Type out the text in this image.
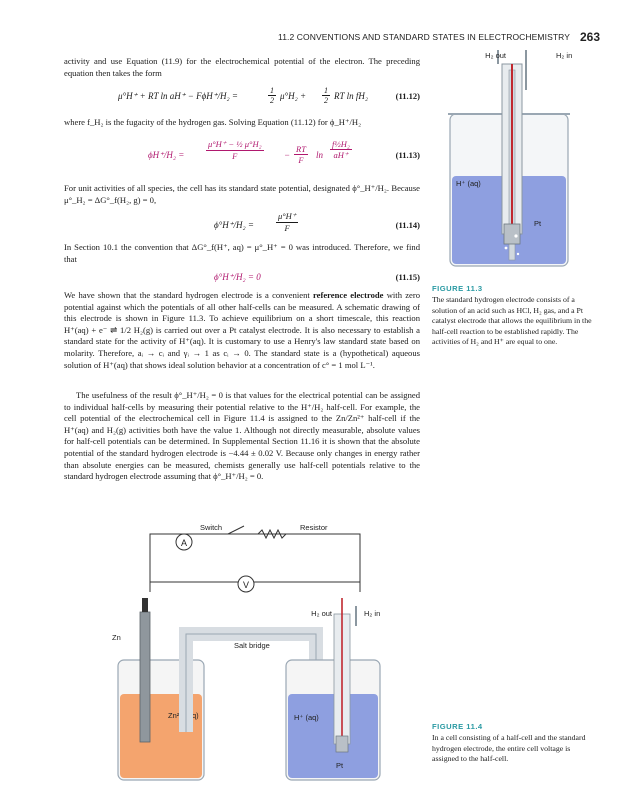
11.2 CONVENTIONS AND STANDARD STATES IN ELECTROCHEMISTRY 263
activity and use Equation (11.9) for the electrochemical potential of the electron. The preceding equation then takes the form
μ°H⁺ + RT ln aH⁺ − FϕH⁺/H₂ =	$\frac{1}{2} \mu^\circ H_2 + \frac{1}{2}$ RT ln fH₂	(11.12)
where f_H₂ is the fugacity of the hydrogen gas. Solving Equation (11.12) for ϕ_H⁺/H₂
ϕH⁺/H₂ =	$\frac{\text{μ°H⁺ − ½ μ°H₂}}{F} - \frac{RT}{F}$ $\ln \frac{\text{f½H₂}}{aH^+}$	(11.13)
For unit activities of all species, the cell has its standard state potential, designated ϕ°_H⁺/H₂. Because μ°_H₂ = ΔG°_f(H₂, g) = 0,
ϕ°H⁺/H₂ =	$\frac{\mu^\circ H^+}{F}$	(11.14)
In Section 10.1 the convention that ΔG°_f(H⁺, aq) = μ°_H⁺ = 0 was introduced. Therefore, we find that
ϕ°H⁺/H₂ = 0	(11.15)
We have shown that the standard hydrogen electrode is a convenient reference electrode with zero potential against which the potentials of all other half-cells can be measured. A schematic drawing of this electrode is shown in Figure 11.3. To achieve equilibrium on a short timescale, this reaction H⁺(aq) + e⁻ ⇌ 1/2 H₂(g) is carried out over a Pt catalyst electrode. It is also necessary to establish a standard state for the activity of H⁺(aq). It is customary to use a Henry's law standard state based on molarity. Therefore, aᵢ → cᵢ and γᵢ → 1 as cᵢ → 0. The standard state is a (hypothetical) aqueous solution of H⁺(aq) that shows ideal solution behavior at a concentration of c° = 1 mol L⁻¹.
The usefulness of the result ϕ°_H⁺/H₂ = 0 is that values for the electrical potential can be assigned to individual half-cells by measuring their potential relative to the H⁺/H₂ half-cell. For example, the cell potential of the electrochemical cell in Figure 11.4 is assigned to the Zn/Zn²⁺ half-cell if the H⁺(aq) and H₂(g) activities both have the value 1. Although not directly measurable, absolute values for half-cell potentials can be determined. In Supplemental Section 11.16 it is shown that the absolute potential of the standard hydrogen electrode is −4.44 ± 0.02 V. Because only changes in energy rather than absolute energies can be measured, chemists generally use half-cell potentials relative to the standard hydrogen electrode assuming that ϕ°_H⁺/H₂ = 0.
H₂ out	H₂ in
H⁺ (aq)
Pt
FIGURE 11.3
The standard hydrogen electrode consists of a solution of an acid such as HCl, H₂ gas, and a Pt catalyst electrode that allows the equilibrium in the half-cell reaction to be established rapidly. The activities of H₂ and H⁺ are equal to one.
A
Switch	Resistor
V
Zn
Zn²⁺ (aq)
Salt bridge
H₂ out	H₂ in
H⁺ (aq)
Pt
FIGURE 11.4
In a cell consisting of a half-cell and the standard hydrogen electrode, the entire cell voltage is assigned to the half-cell.
